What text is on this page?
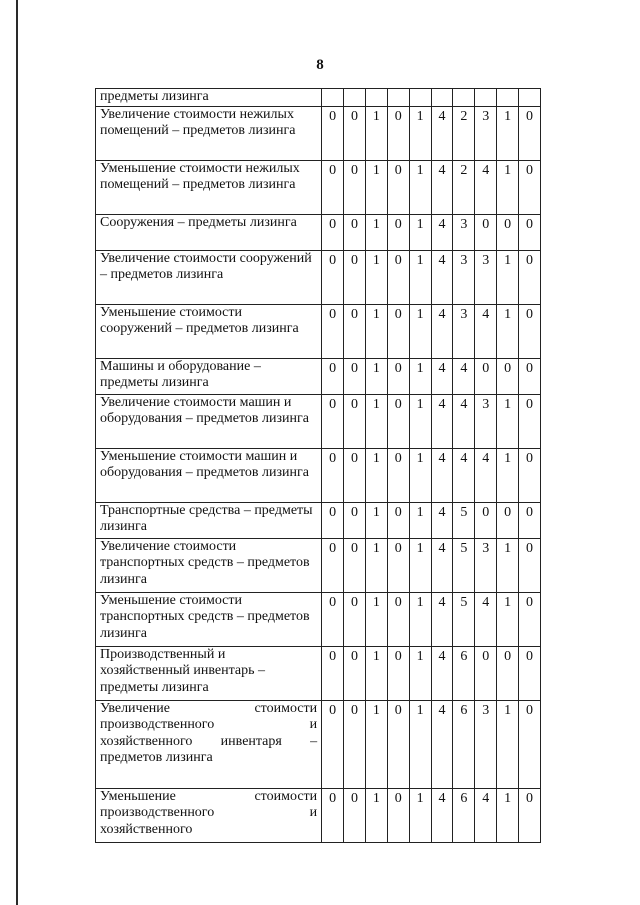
8
предметы лизинга										
Увеличение стоимости нежилых помещений – предметов лизинга	0	0	1	0	1	4	2	3	1	0
Уменьшение стоимости нежилых помещений – предметов лизинга	0	0	1	0	1	4	2	4	1	0
Сооружения – предметы лизинга	0	0	1	0	1	4	3	0	0	0
Увеличение стоимости сооружений – предметов лизинга	0	0	1	0	1	4	3	3	1	0
Уменьшение стоимости сооружений – предметов лизинга	0	0	1	0	1	4	3	4	1	0
Машины и оборудование – предметы лизинга	0	0	1	0	1	4	4	0	0	0
Увеличение стоимости машин и оборудования – предметов лизинга	0	0	1	0	1	4	4	3	1	0
Уменьшение стоимости машин и оборудования – предметов лизинга	0	0	1	0	1	4	4	4	1	0
Транспортные средства – предметы лизинга	0	0	1	0	1	4	5	0	0	0
Увеличение стоимости транспортных средств – предметов лизинга	0	0	1	0	1	4	5	3	1	0
Уменьшение стоимости транспортных средств – предметов лизинга	0	0	1	0	1	4	5	4	1	0
Производственный и хозяйственный инвентарь – предметы лизинга	0	0	1	0	1	4	6	0	0	0
Увеличение стоимости производственного и хозяйственного инвентаря – предметов лизинга	0	0	1	0	1	4	6	3	1	0
Уменьшение стоимости производственного и хозяйственного	0	0	1	0	1	4	6	4	1	0
